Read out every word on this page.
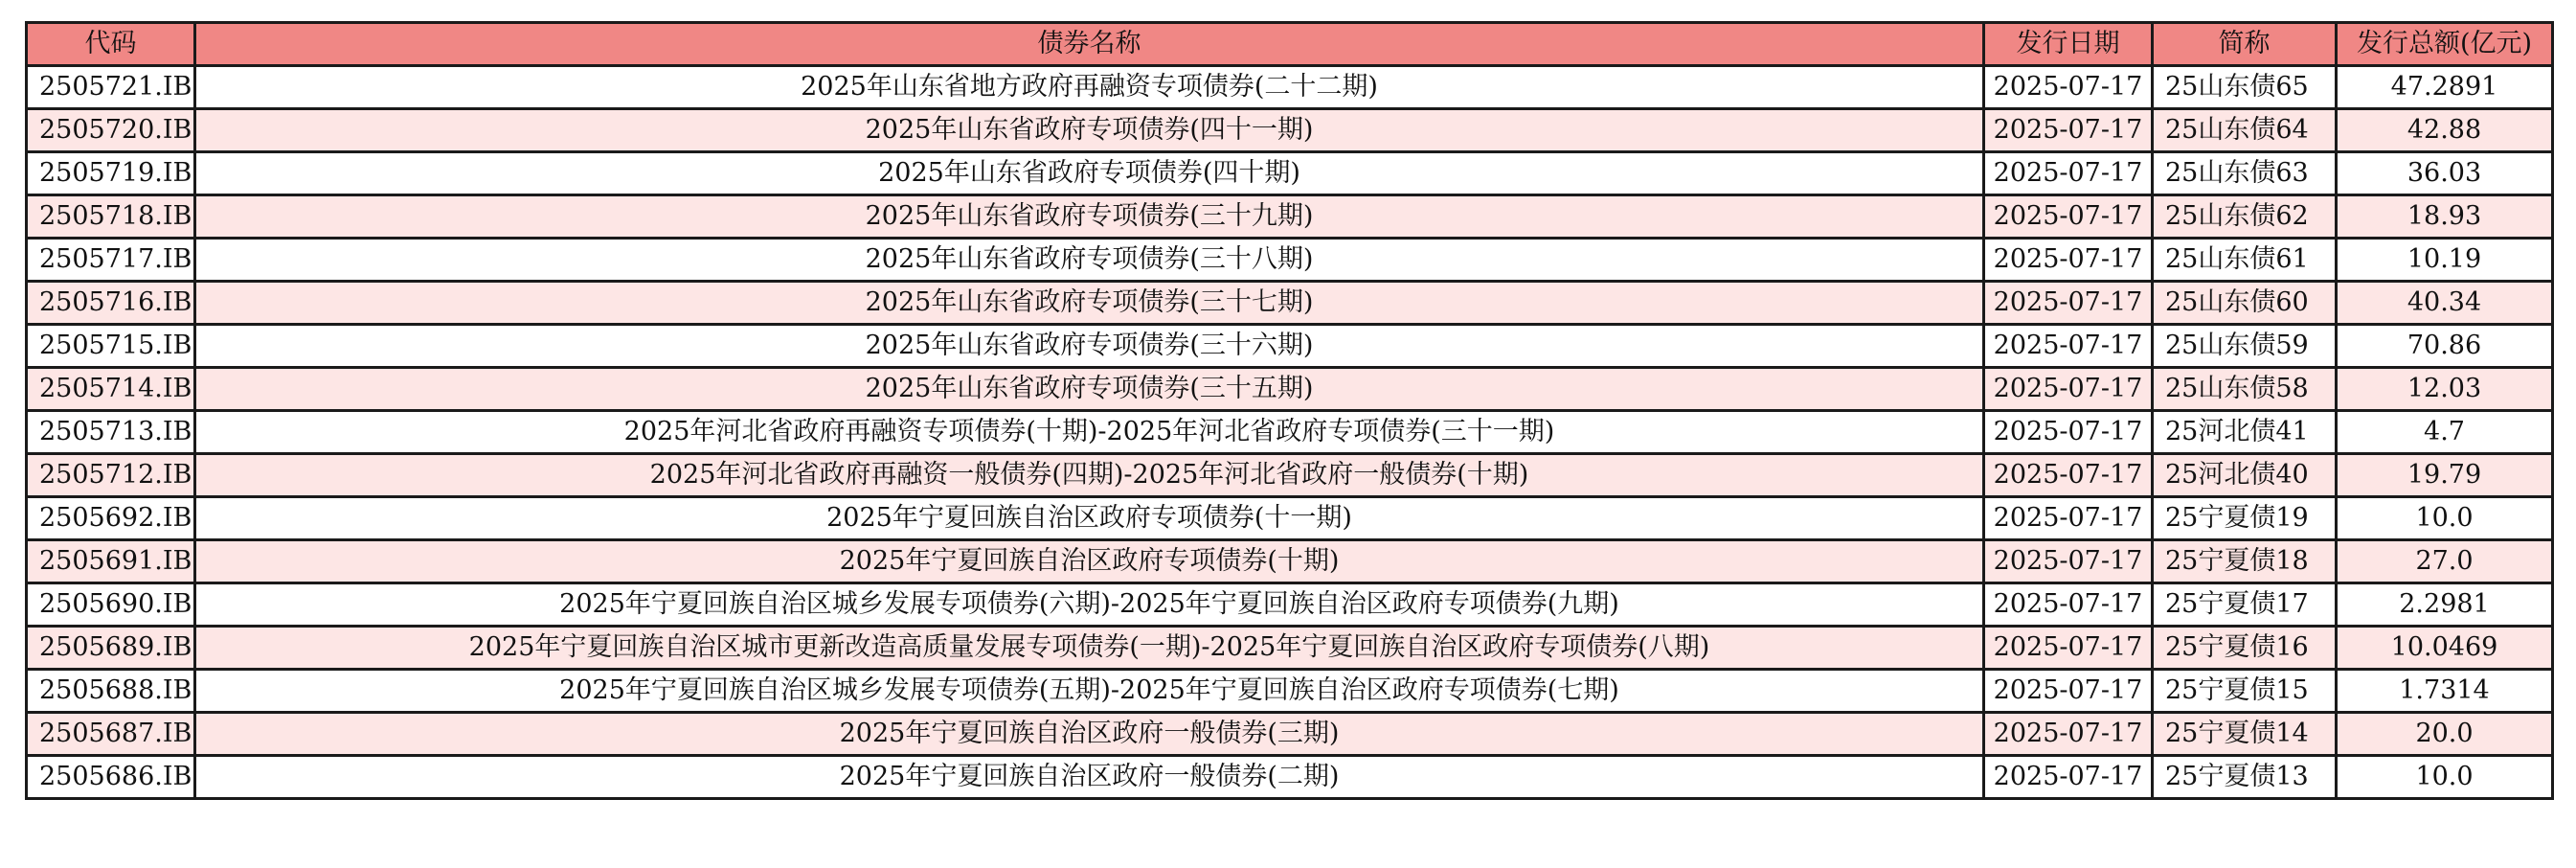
代码	债券名称	发行日期	简称	发行总额(亿元)
2505721.IB	2025年山东省地方政府再融资专项债券(二十二期)	2025-07-17	25山东债65	47.2891
2505720.IB	2025年山东省政府专项债券(四十一期)	2025-07-17	25山东债64	42.88
2505719.IB	2025年山东省政府专项债券(四十期)	2025-07-17	25山东债63	36.03
2505718.IB	2025年山东省政府专项债券(三十九期)	2025-07-17	25山东债62	18.93
2505717.IB	2025年山东省政府专项债券(三十八期)	2025-07-17	25山东债61	10.19
2505716.IB	2025年山东省政府专项债券(三十七期)	2025-07-17	25山东债60	40.34
2505715.IB	2025年山东省政府专项债券(三十六期)	2025-07-17	25山东债59	70.86
2505714.IB	2025年山东省政府专项债券(三十五期)	2025-07-17	25山东债58	12.03
2505713.IB	2025年河北省政府再融资专项债券(十期)-2025年河北省政府专项债券(三十一期)	2025-07-17	25河北债41	4.7
2505712.IB	2025年河北省政府再融资一般债券(四期)-2025年河北省政府一般债券(十期)	2025-07-17	25河北债40	19.79
2505692.IB	2025年宁夏回族自治区政府专项债券(十一期)	2025-07-17	25宁夏债19	10.0
2505691.IB	2025年宁夏回族自治区政府专项债券(十期)	2025-07-17	25宁夏债18	27.0
2505690.IB	2025年宁夏回族自治区城乡发展专项债券(六期)-2025年宁夏回族自治区政府专项债券(九期)	2025-07-17	25宁夏债17	2.2981
2505689.IB	2025年宁夏回族自治区城市更新改造高质量发展专项债券(一期)-2025年宁夏回族自治区政府专项债券(八期)	2025-07-17	25宁夏债16	10.0469
2505688.IB	2025年宁夏回族自治区城乡发展专项债券(五期)-2025年宁夏回族自治区政府专项债券(七期)	2025-07-17	25宁夏债15	1.7314
2505687.IB	2025年宁夏回族自治区政府一般债券(三期)	2025-07-17	25宁夏债14	20.0
2505686.IB	2025年宁夏回族自治区政府一般债券(二期)	2025-07-17	25宁夏债13	10.0
